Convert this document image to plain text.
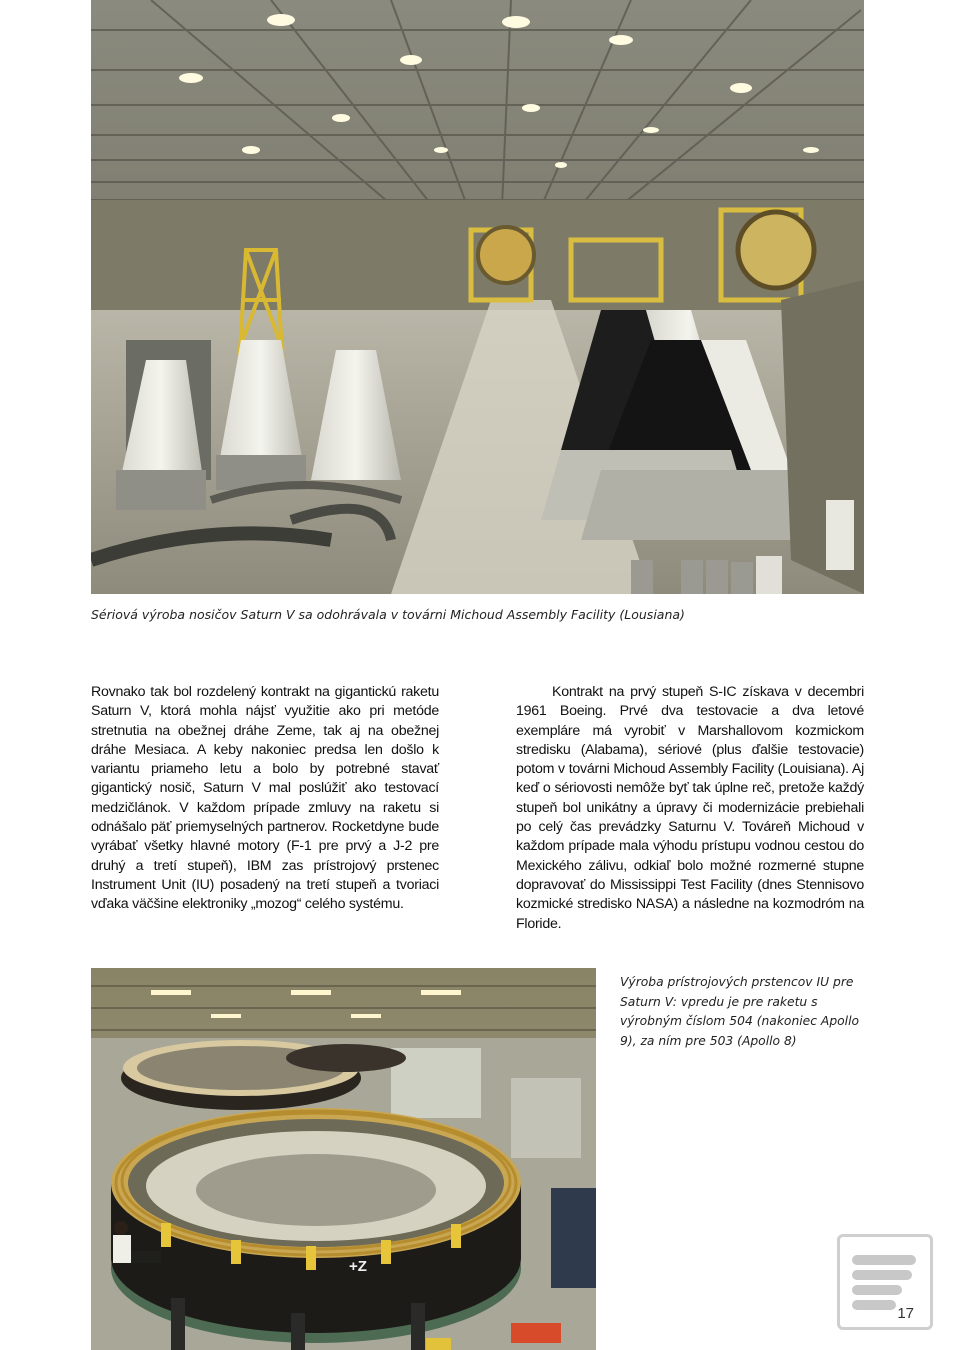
Sériová výroba nosičov Saturn V sa odohrávala v továrni Michoud Assembly Facility (Lousiana)
Rovnako tak bol rozdelený kontrakt na gigantickú raketu Saturn V, ktorá mohla nájsť využitie ako pri metóde stretnutia na obežnej dráhe Zeme, tak aj na obežnej dráhe Mesiaca. A keby nakoniec predsa len došlo k variantu priameho letu a bolo by potrebné stavať gigantický nosič, Saturn V mal poslúžiť ako testovací medzičlánok. V každom prípade zmluvy na raketu si odnášalo päť priemyselných partnerov. Rocketdyne bude vyrábať všetky hlavné motory (F-1 pre prvý a J-2 pre druhý a tretí stupeň), IBM zas prístrojový prstenec Instrument Unit (IU) posadený na tretí stupeň a tvoriaci vďaka väčšine elektroniky „mozog“ celého systému.
Kontrakt na prvý stupeň S-IC získava v decembri 1961 Boeing. Prvé dva testovacie a dva letové exempláre má vyrobiť v Marshallovom kozmickom stredisku (Alabama), sériové (plus ďalšie testovacie) potom v továrni Michoud Assembly Facility (Louisiana). Aj keď o sériovosti nemôže byť tak úplne reč, pretože každý stupeň bol unikátny a úpravy či modernizácie prebiehali po celý čas prevádzky Saturnu V. Továreň Michoud v každom prípade mala výhodu prístupu vodnou cestou do Mexického zálivu, odkiaľ bolo možné rozmerné stupne dopravovať do Mississippi Test Facility (dnes Stennisovo kozmické stredisko NASA) a následne na kozmodróm na Floride.
+Z
Výroba prístrojových prstencov IU pre Saturn V: vpredu je pre raketu s výrobným číslom 504 (nakoniec Apollo 9), za ním pre 503 (Apollo 8)
17
